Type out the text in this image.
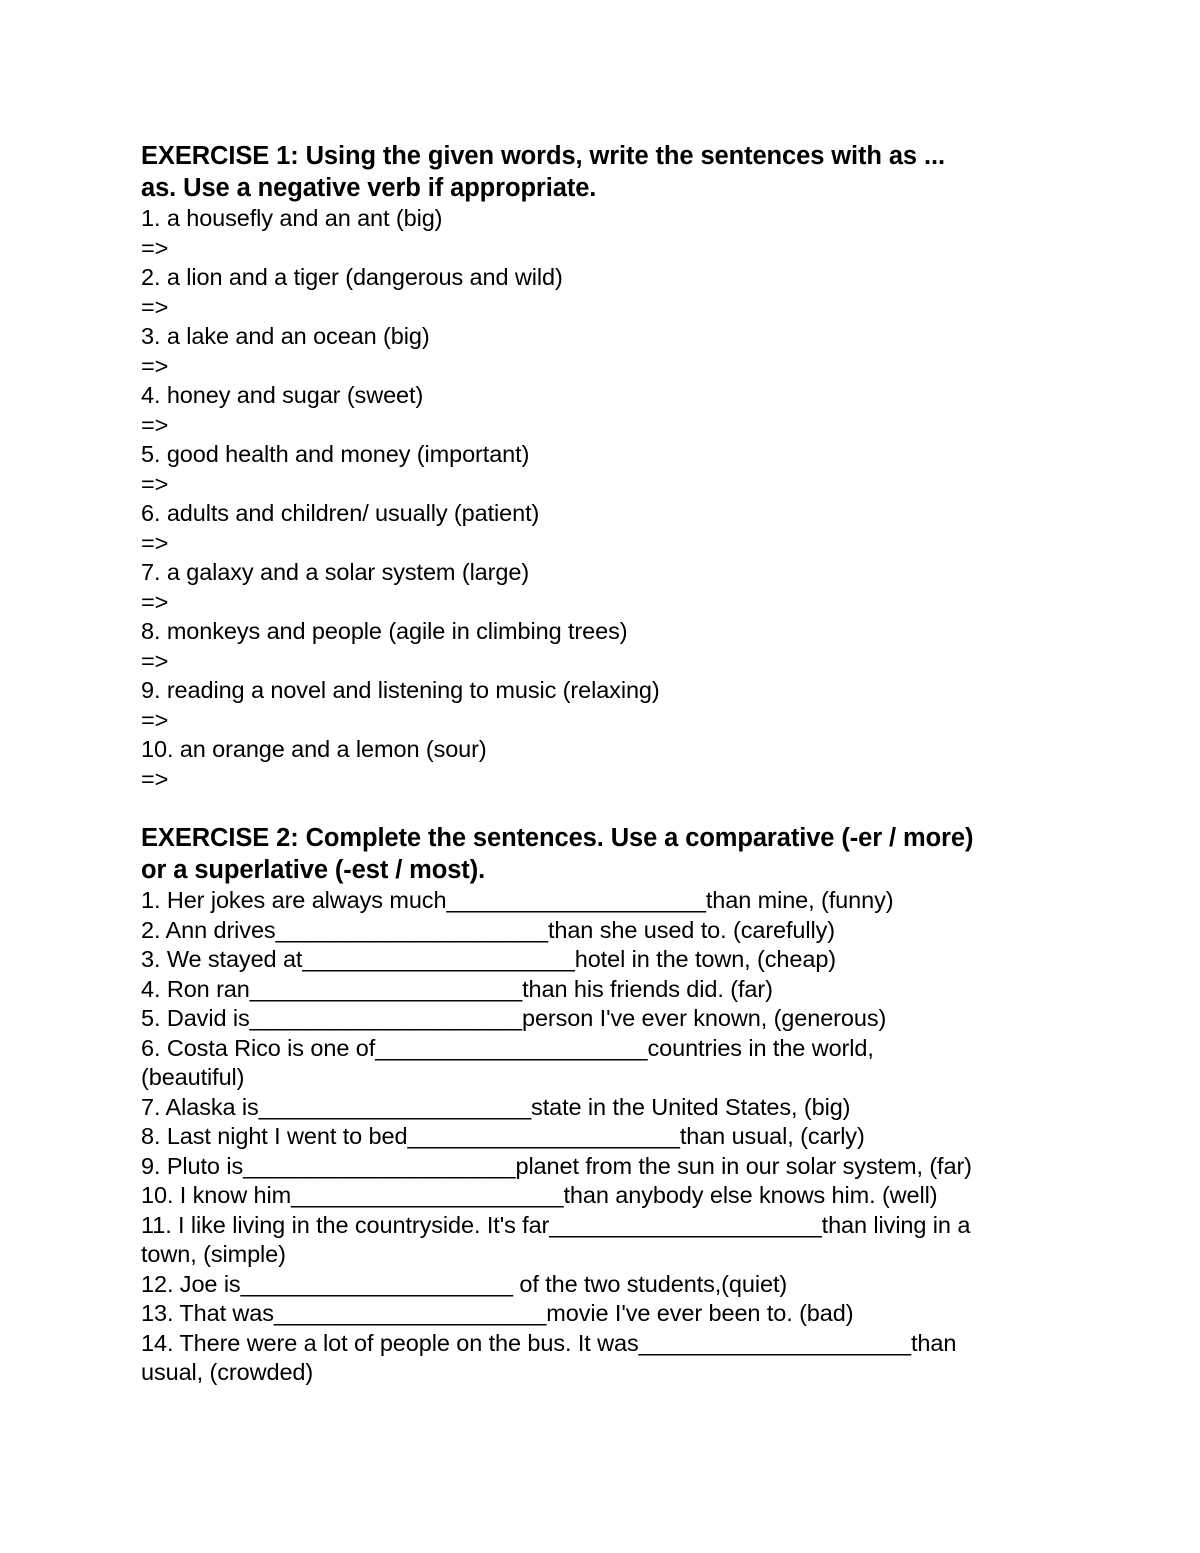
EXERCISE 1: Using the given words, write the sentences with as ...
as. Use a negative verb if appropriate.
1. a housefly and an ant (big)
=>
2. a lion and a tiger (dangerous and wild)
=>
3. a lake and an ocean (big)
=>
4. honey and sugar (sweet)
=>
5. good health and money (important)
=>
6. adults and children/ usually (patient)
=>
7. a galaxy and a solar system (large)
=>
8. monkeys and people (agile in climbing trees)
=>
9. reading a novel and listening to music (relaxing)
=>
10. an orange and a lemon (sour)
=>
EXERCISE 2: Complete the sentences. Use a comparative (-er / more)
or a superlative (-est / most).
1. Her jokes are always much____________________than mine, (funny)
2. Ann drives_____________________than she used to. (carefully)
3. We stayed at_____________________hotel in the town, (cheap)
4. Ron ran_____________________than his friends did. (far)
5. David is_____________________person I've ever known, (generous)
6. Costa Rico is one of_____________________countries in the world,
(beautiful)
7. Alaska is_____________________state in the United States, (big)
8. Last night I went to bed_____________________than usual, (carly)
9. Pluto is_____________________planet from the sun in our solar system, (far)
10. I know him_____________________than anybody else knows him. (well)
11. I like living in the countryside. It's far_____________________than living in a
town, (simple)
12. Joe is_____________________ of the two students,(quiet)
13. That was_____________________movie I've ever been to. (bad)
14. There were a lot of people on the bus. It was_____________________than
usual, (crowded)
